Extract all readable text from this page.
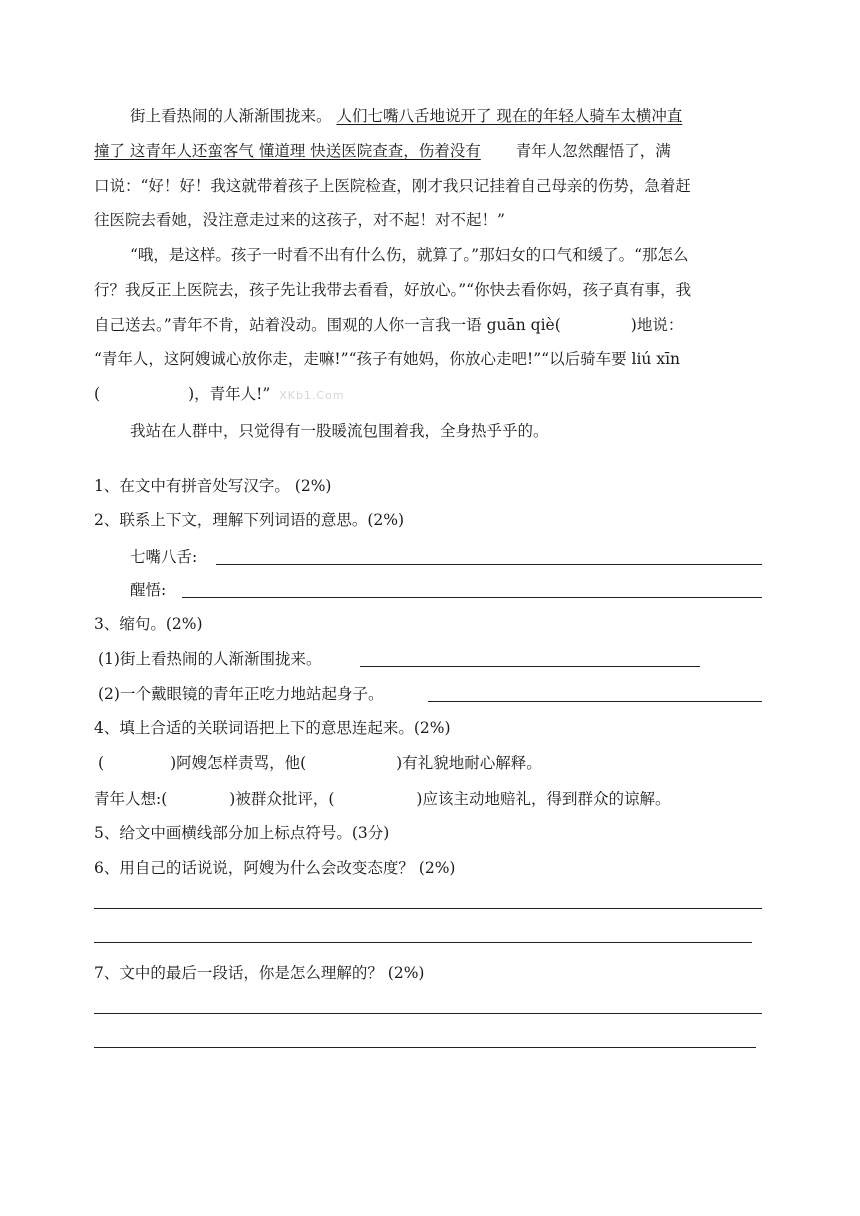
街上看热闹的人渐渐围拢来。 人们七嘴八舌地说开了 现在的年轻人骑车太横冲直
撞了 这青年人还蛮客气 懂道理 快送医院查查，伤着没有 青年人忽然醒悟了，满
口说：“好！好！我这就带着孩子上医院检查，刚才我只记挂着自己母亲的伤势，急着赶
往医院去看她，没注意走过来的这孩子，对不起！对不起！”
“哦，是这样。孩子一时看不出有什么伤，就算了。”那妇女的口气和缓了。“那怎么
行？我反正上医院去，孩子先让我带去看看，好放心。”“你快去看你妈，孩子真有事，我
自己送去。”青年不肯，站着没动。围观的人你一言我一语 guān qiè(	)地说：
“青年人，这阿嫂诚心放你走，走嘛!”“孩子有她妈，你放心走吧!”“以后骑车要 liú xīn
(	)，青年人!” XKb1.Com
我站在人群中，只觉得有一股暖流包围着我，全身热乎乎的。
1、在文中有拼音处写汉字。 (2%)
2、联系上下文，理解下列词语的意思。(2%)
七嘴八舌:
醒悟:
3、缩句。(2%)
(1)街上看热闹的人渐渐围拢来。
(2)一个戴眼镜的青年正吃力地站起身子。
4、填上合适的关联词语把上下的意思连起来。(2%)
(	)阿嫂怎样责骂，他(	)有礼貌地耐心解释。
青年人想:(	)被群众批评，(	)应该主动地赔礼，得到群众的谅解。
5、给文中画横线部分加上标点符号。(3分)
6、用自己的话说说，阿嫂为什么会改变态度？ (2%)
7、文中的最后一段话，你是怎么理解的？ (2%)
